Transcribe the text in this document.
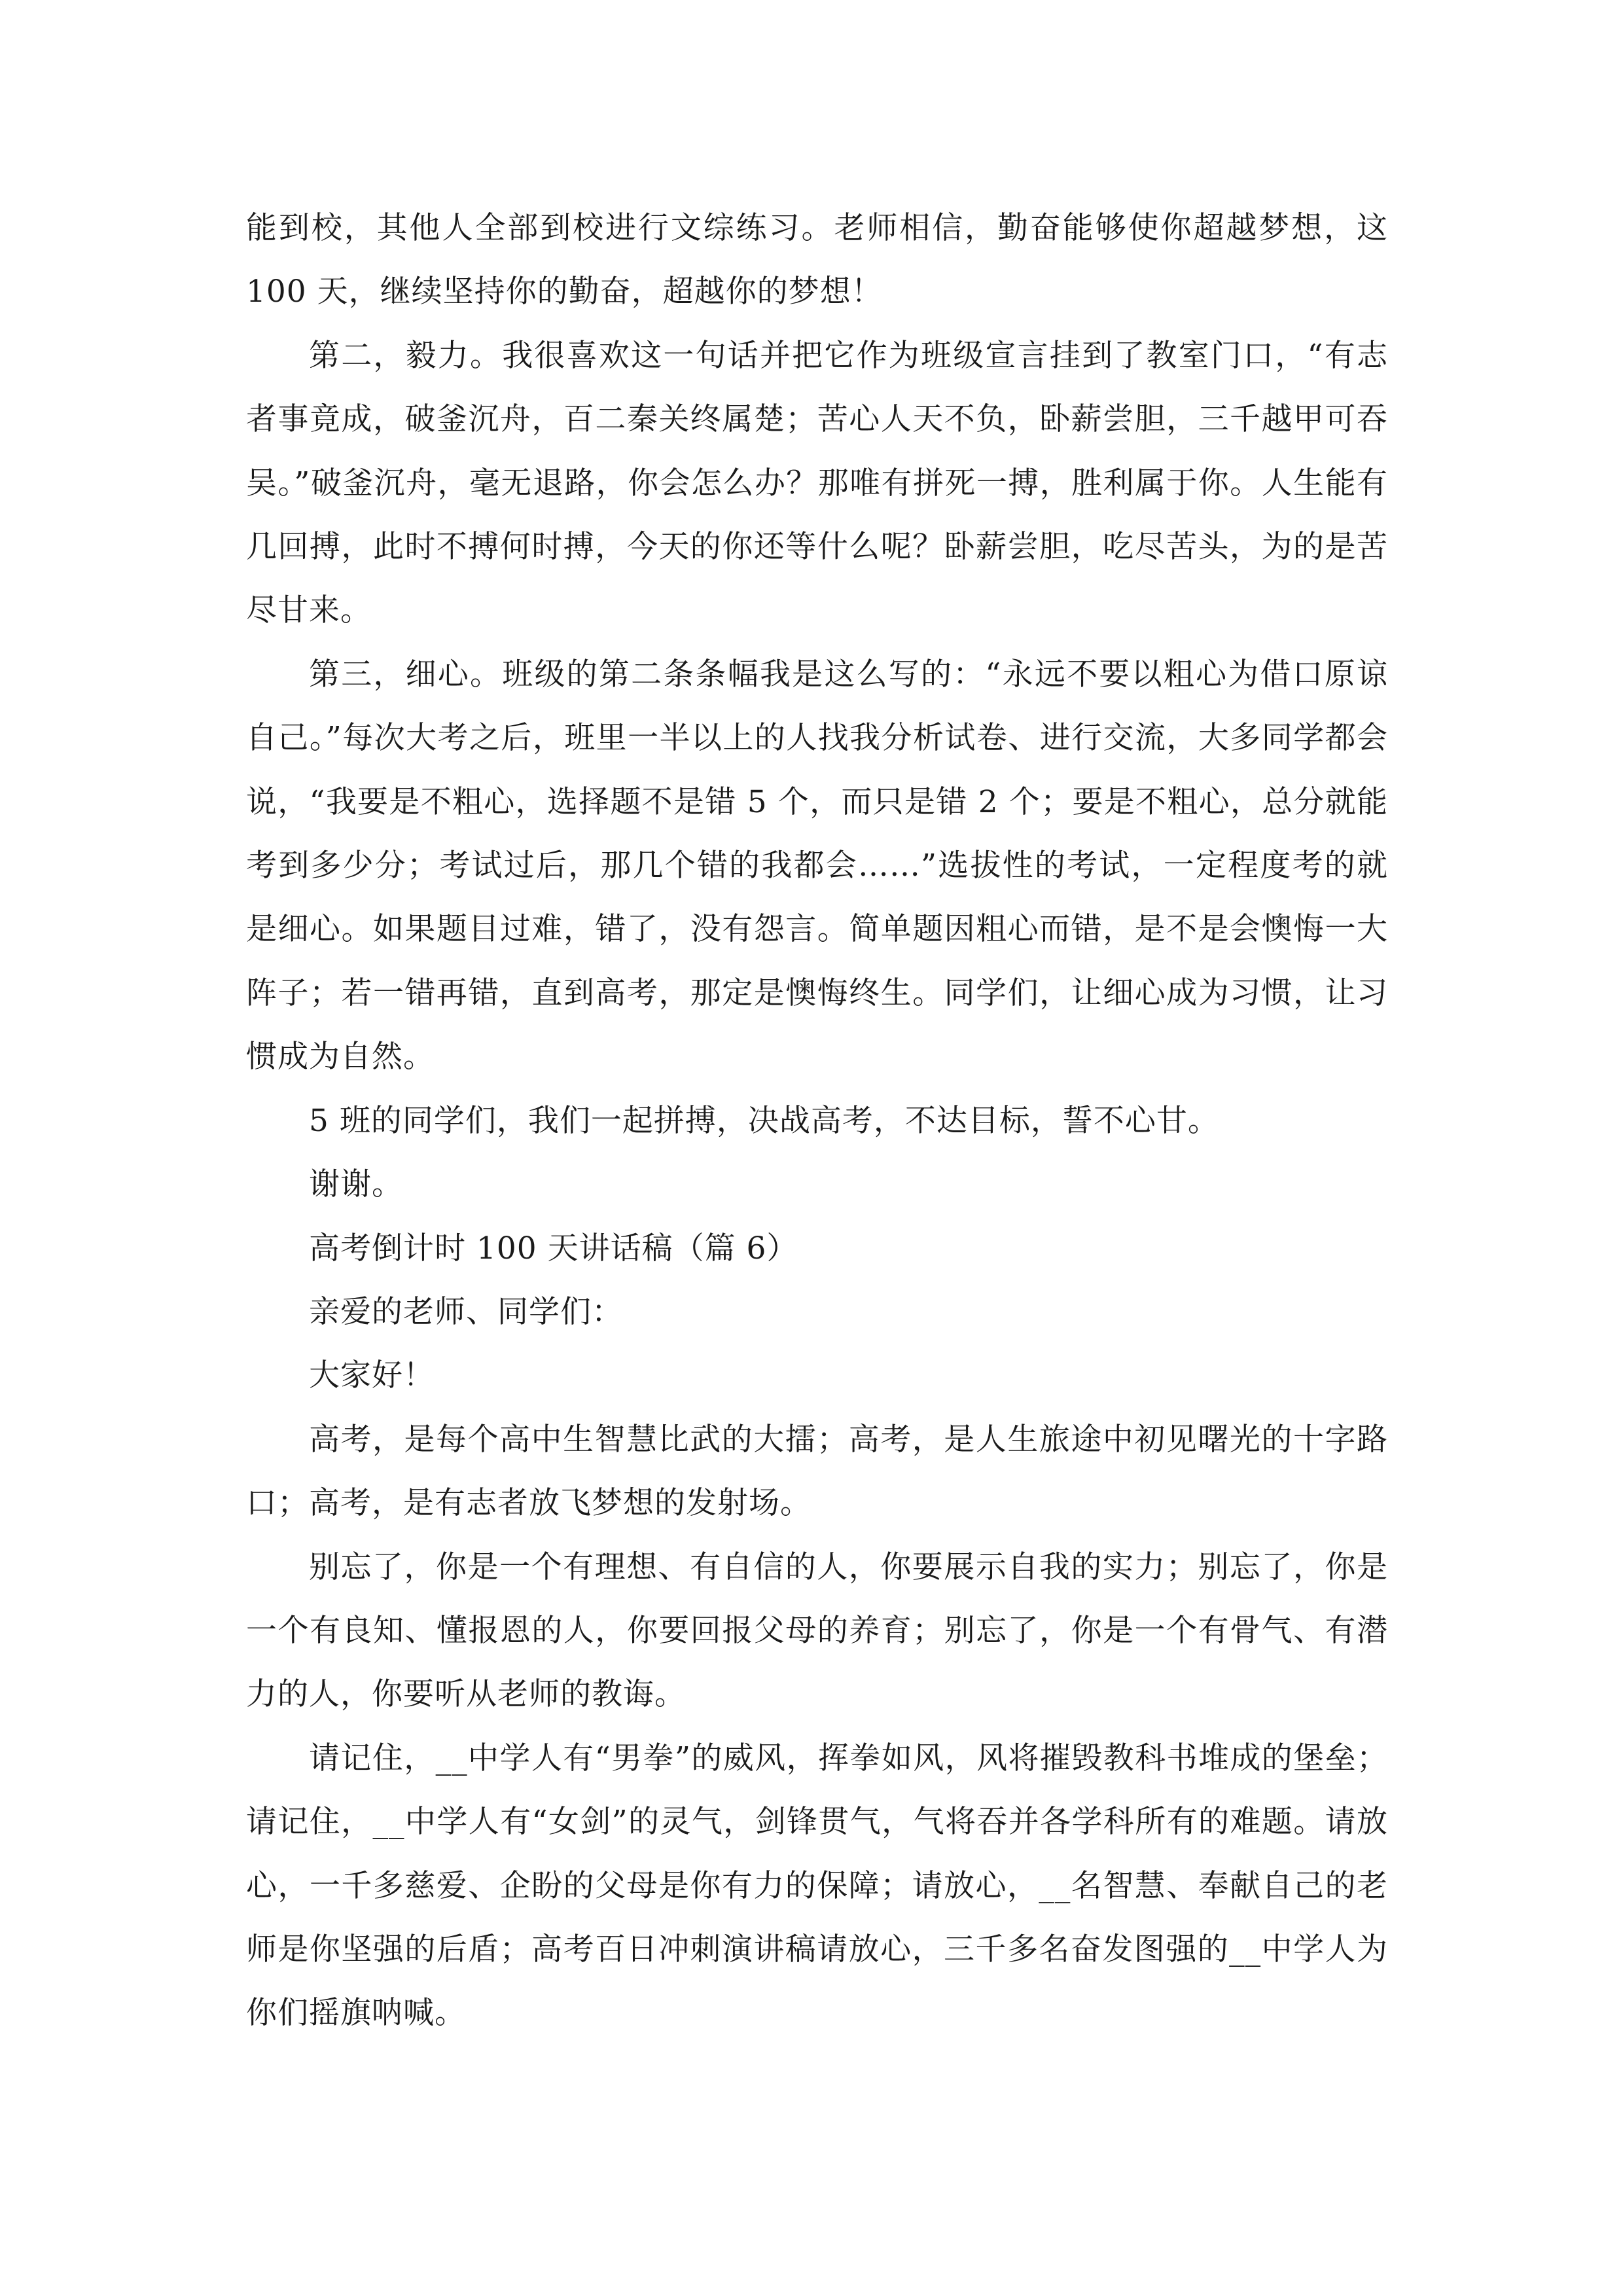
能到校，其他人全部到校进行文综练习。老师相信，勤奋能够使你超越梦想，这 100 天，继续坚持你的勤奋，超越你的梦想！

第二，毅力。我很喜欢这一句话并把它作为班级宣言挂到了教室门口，“有志者事竟成，破釜沉舟，百二秦关终属楚；苦心人天不负，卧薪尝胆，三千越甲可吞吴。”破釜沉舟，毫无退路，你会怎么办？那唯有拼死一搏，胜利属于你。人生能有几回搏，此时不搏何时搏，今天的你还等什么呢？卧薪尝胆，吃尽苦头，为的是苦尽甘来。

第三，细心。班级的第二条条幅我是这么写的：“永远不要以粗心为借口原谅自己。”每次大考之后，班里一半以上的人找我分析试卷、进行交流，大多同学都会说，“我要是不粗心，选择题不是错 5 个，而只是错 2 个；要是不粗心，总分就能考到多少分；考试过后，那几个错的我都会……”选拔性的考试，一定程度考的就是细心。如果题目过难，错了，没有怨言。简单题因粗心而错，是不是会懊悔一大阵子；若一错再错，直到高考，那定是懊悔终生。同学们，让细心成为习惯，让习惯成为自然。

5 班的同学们，我们一起拼搏，决战高考，不达目标，誓不心甘。

谢谢。

高考倒计时 100 天讲话稿（篇 6）

亲爱的老师、同学们：

大家好！

高考，是每个高中生智慧比武的大擂；高考，是人生旅途中初见曙光的十字路口；高考，是有志者放飞梦想的发射场。

别忘了，你是一个有理想、有自信的人，你要展示自我的实力；别忘了，你是一个有良知、懂报恩的人，你要回报父母的养育；别忘了，你是一个有骨气、有潜力的人，你要听从老师的教诲。

请记住，__中学人有“男拳”的威风，挥拳如风，风将摧毁教科书堆成的堡垒；请记住，__中学人有“女剑”的灵气，剑锋贯气，气将吞并各学科所有的难题。请放心，一千多慈爱、企盼的父母是你有力的保障；请放心，__名智慧、奉献自己的老师是你坚强的后盾；高考百日冲刺演讲稿请放心，三千多名奋发图强的__中学人为你们摇旗呐喊。
